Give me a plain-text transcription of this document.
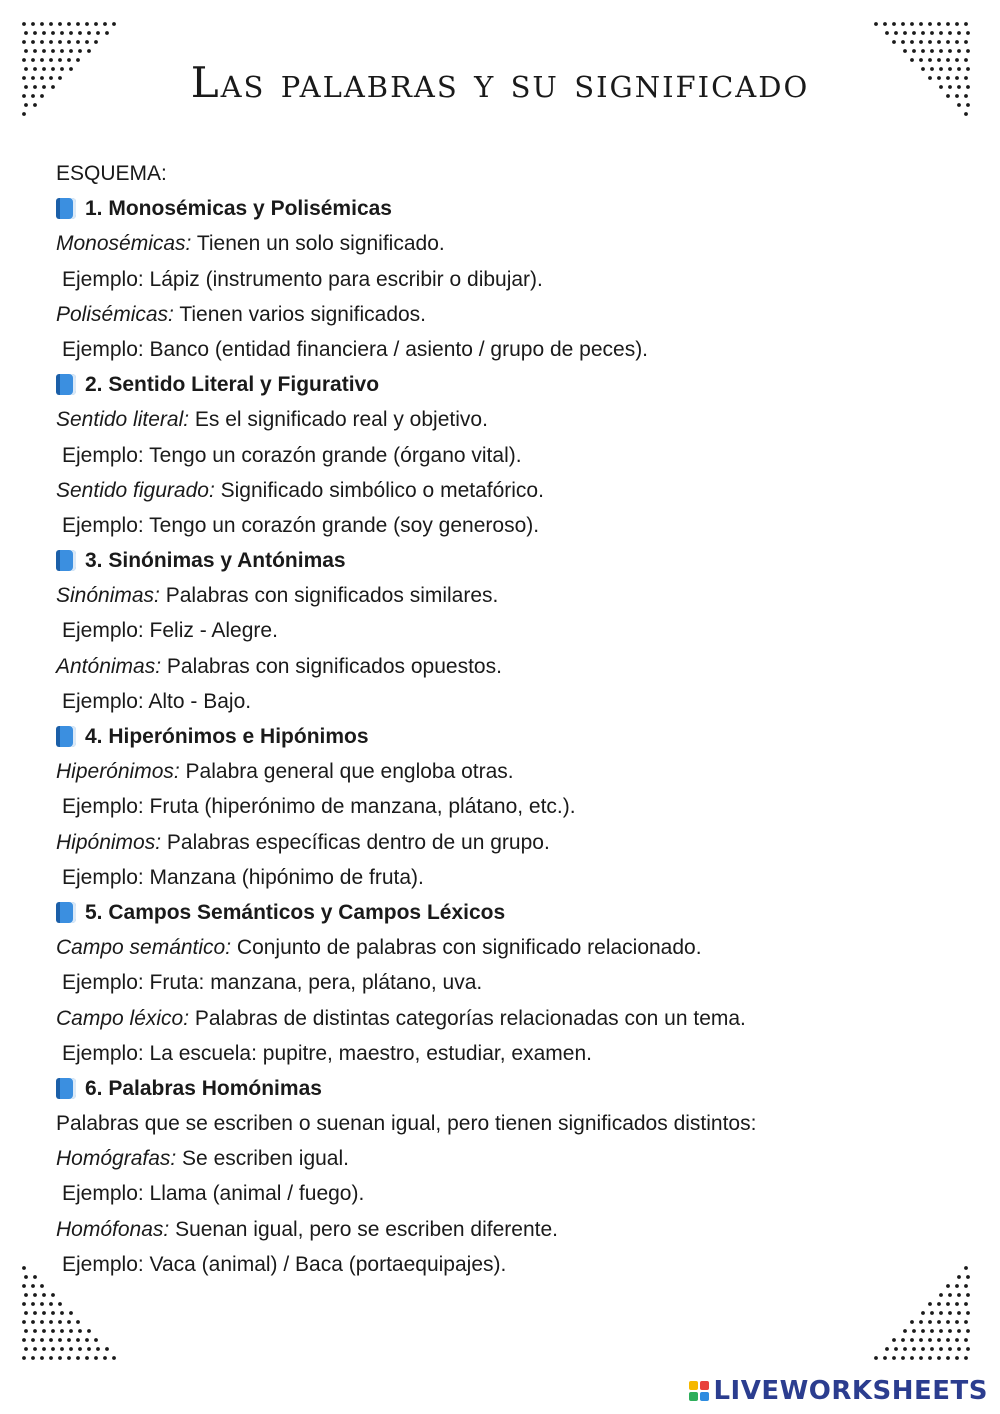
Las palabras y su significado
ESQUEMA:
1. Monosémicas y Polisémicas
Monosémicas: Tienen un solo significado.
Ejemplo: Lápiz (instrumento para escribir o dibujar).
Polisémicas: Tienen varios significados.
Ejemplo: Banco (entidad financiera / asiento / grupo de peces).
2. Sentido Literal y Figurativo
Sentido literal: Es el significado real y objetivo.
Ejemplo: Tengo un corazón grande (órgano vital).
Sentido figurado: Significado simbólico o metafórico.
Ejemplo: Tengo un corazón grande (soy generoso).
3. Sinónimas y Antónimas
Sinónimas: Palabras con significados similares.
Ejemplo: Feliz - Alegre.
Antónimas: Palabras con significados opuestos.
Ejemplo: Alto - Bajo.
4. Hiperónimos e Hipónimos
Hiperónimos: Palabra general que engloba otras.
Ejemplo: Fruta (hiperónimo de manzana, plátano, etc.).
Hipónimos: Palabras específicas dentro de un grupo.
Ejemplo: Manzana (hipónimo de fruta).
5. Campos Semánticos y Campos Léxicos
Campo semántico: Conjunto de palabras con significado relacionado.
Ejemplo: Fruta: manzana, pera, plátano, uva.
Campo léxico: Palabras de distintas categorías relacionadas con un tema.
Ejemplo: La escuela: pupitre, maestro, estudiar, examen.
6. Palabras Homónimas
Palabras que se escriben o suenan igual, pero tienen significados distintos:
Homógrafas: Se escriben igual.
Ejemplo: Llama (animal / fuego).
Homófonas: Suenan igual, pero se escriben diferente.
Ejemplo: Vaca (animal) / Baca (portaequipajes).
LIVEWORKSHEETS
